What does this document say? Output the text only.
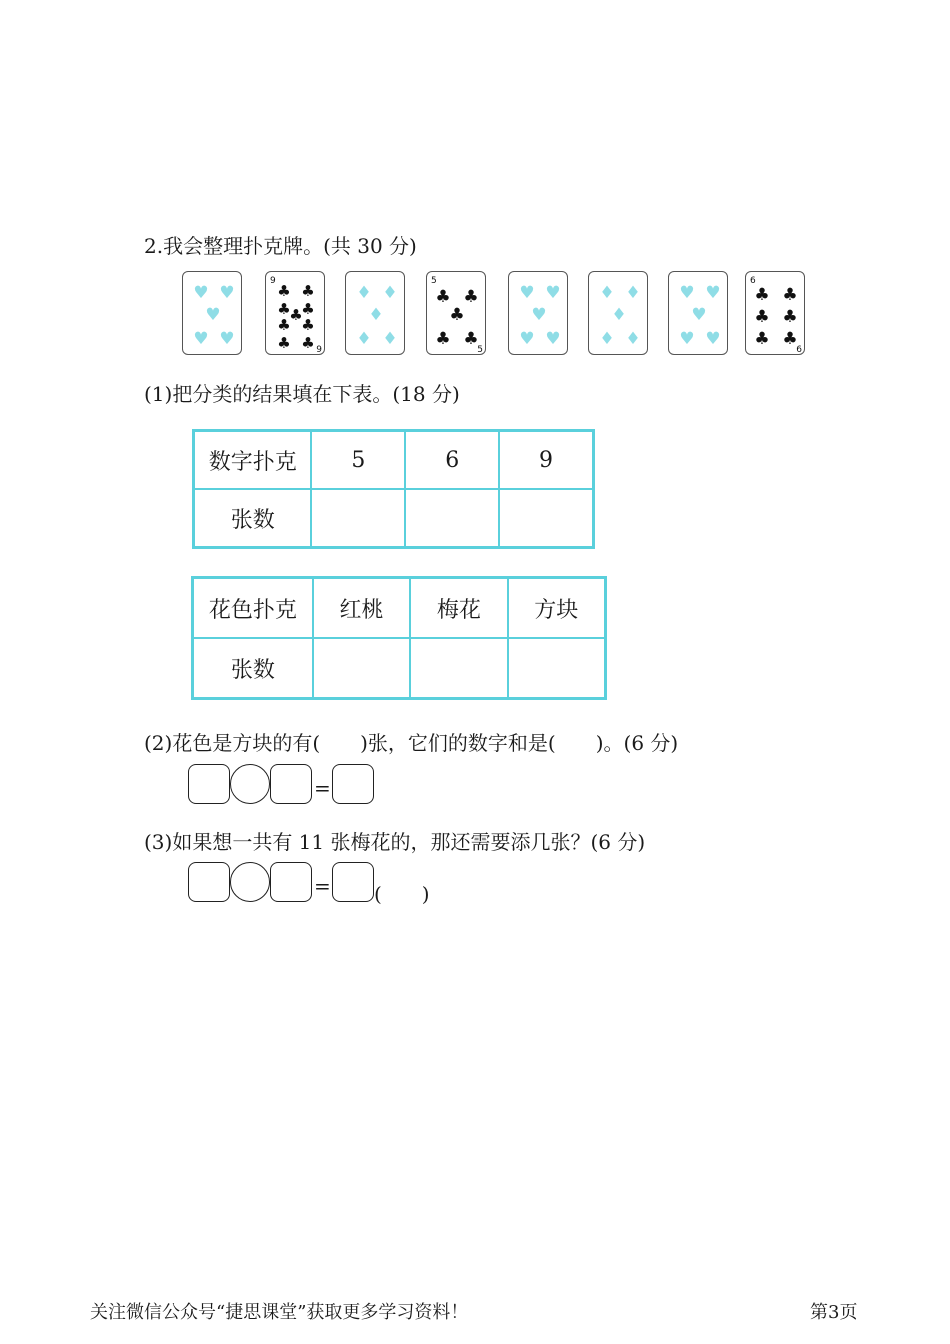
2.我会整理扑克牌。(共 30 分)
♥ ♥
♥
♥ ♥
♣ ♣
♣ ♣
♣
♣ ♣
♣ ♣
9
9
♦ ♦
♦
♦ ♦
♣ ♣
♣
♣ ♣
5
5
♥ ♥
♥
♥ ♥
♦ ♦
♦
♦ ♦
♥ ♥
♥
♥ ♥
♣ ♣
♣ ♣
♣ ♣
6
6
(1)把分类的结果填在下表。(18 分)
数字扑克	5	6	9
张数			
花色扑克	红桃	梅花	方块
张数			
(2)花色是方块的有(　　)张，它们的数字和是(　　)。(6 分)
=
(3)如果想一共有 11 张梅花的，那还需要添几张？(6 分)
= (　　)
关注微信公众号“捷思课堂”获取更多学习资料！	第3页
